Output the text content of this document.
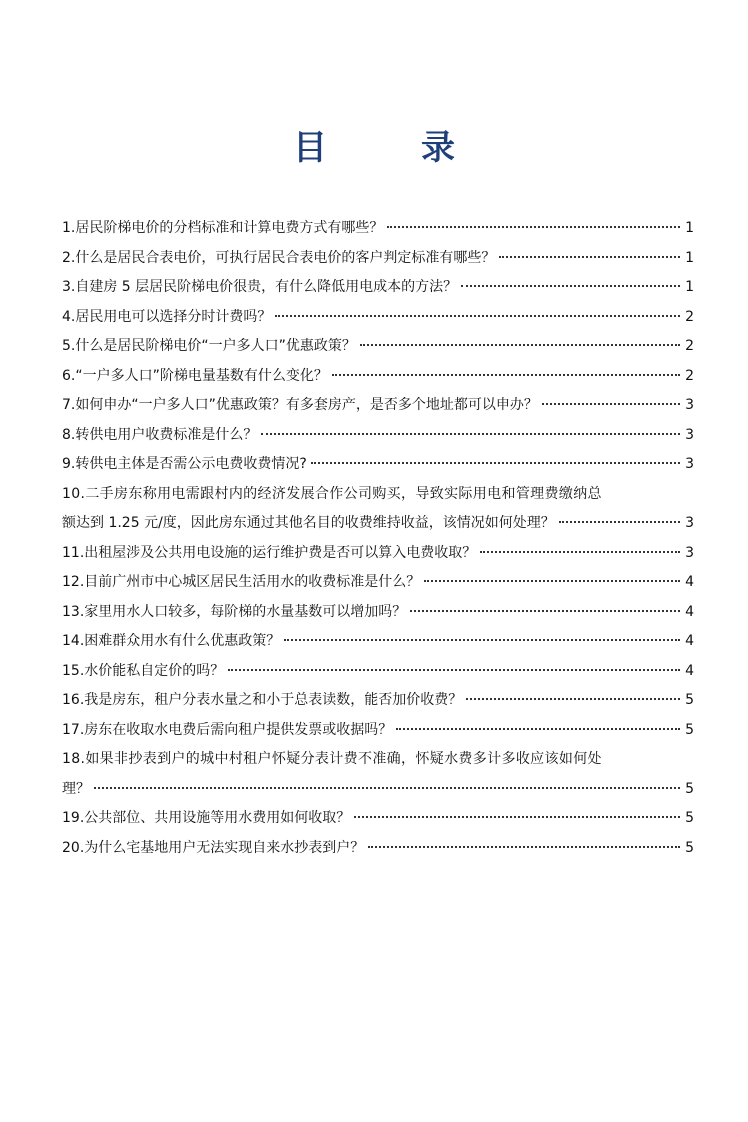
目　录
1.居民阶梯电价的分档标准和计算电费方式有哪些？	1
2.什么是居民合表电价，可执行居民合表电价的客户判定标准有哪些？	1
3.自建房 5 层居民阶梯电价很贵，有什么降低用电成本的方法？	1
4.居民用电可以选择分时计费吗？	2
5.什么是居民阶梯电价“一户多人口”优惠政策？	2
6.“一户多人口”阶梯电量基数有什么变化？	2
7.如何申办“一户多人口”优惠政策？有多套房产，是否多个地址都可以申办？	3
8.转供电用户收费标准是什么？	3
9.转供电主体是否需公示电费收费情况?	3
10.二手房东称用电需跟村内的经济发展合作公司购买，导致实际用电和管理费缴纳总
额达到 1.25 元/度，因此房东通过其他名目的收费维持收益，该情况如何处理？	3
11.出租屋涉及公共用电设施的运行维护费是否可以算入电费收取？	3
12.目前广州市中心城区居民生活用水的收费标准是什么？	4
13.家里用水人口较多，每阶梯的水量基数可以增加吗？	4
14.困难群众用水有什么优惠政策？	4
15.水价能私自定价的吗？	4
16.我是房东，租户分表水量之和小于总表读数，能否加价收费？	5
17.房东在收取水电费后需向租户提供发票或收据吗？	5
18.如果非抄表到户的城中村租户怀疑分表计费不准确，怀疑水费多计多收应该如何处
理？	5
19.公共部位、共用设施等用水费用如何收取？	5
20.为什么宅基地用户无法实现自来水抄表到户？	5
